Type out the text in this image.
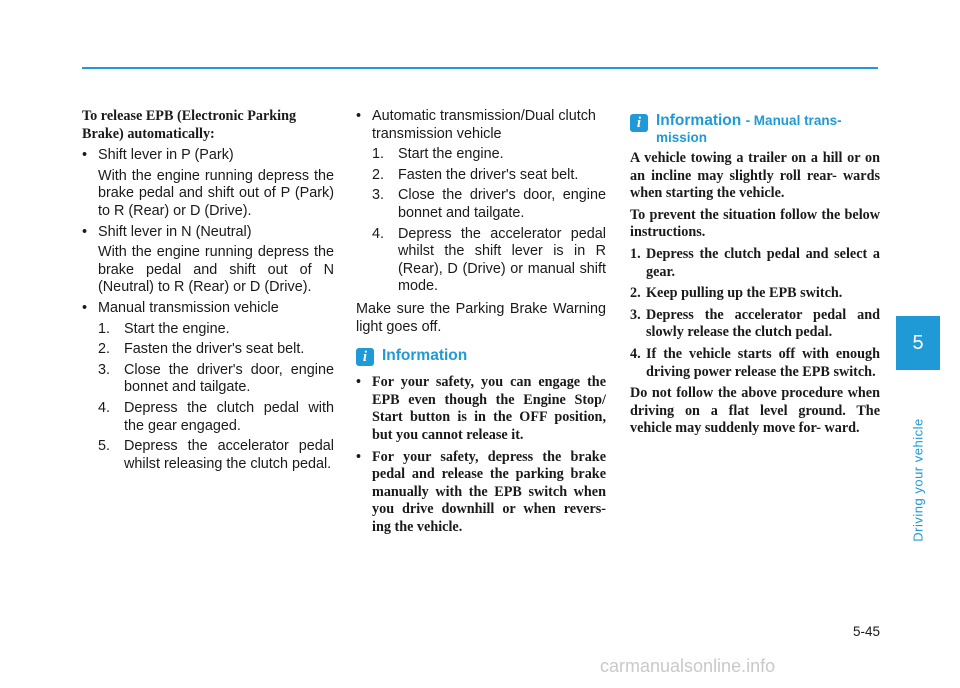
To release EPB (Electronic Parking Brake) automatically:
• Shift lever in P (Park)
With the engine running depress the brake pedal and shift out of P (Park) to R (Rear) or D (Drive).
• Shift lever in N (Neutral)
With the engine running depress the brake pedal and shift out of N (Neutral) to R (Rear) or D (Drive).
• Manual transmission vehicle
1. Start the engine.
2. Fasten the driver's seat belt.
3. Close the driver's door, engine bonnet and tailgate.
4. Depress the clutch pedal with the gear engaged.
5. Depress the accelerator pedal whilst releasing the clutch pedal.
• Automatic transmission/Dual clutch transmission vehicle
1. Start the engine.
2. Fasten the driver's seat belt.
3. Close the driver's door, engine bonnet and tailgate.
4. Depress the accelerator pedal whilst the shift lever is in R (Rear), D (Drive) or manual shift mode.
Make sure the Parking Brake Warning light goes off.
i Information
• For your safety, you can engage the EPB even though the Engine Stop/ Start button is in the OFF position, but you cannot release it.
• For your safety, depress the brake pedal and release the parking brake manually with the EPB switch when you drive downhill or when revers- ing the vehicle.
i Information - Manual trans- mission
A vehicle towing a trailer on a hill or on an incline may slightly roll rear- wards when starting the vehicle.
To prevent the situation follow the below instructions.
1. Depress the clutch pedal and select a gear.
2. Keep pulling up the EPB switch.
3. Depress the accelerator pedal and slowly release the clutch pedal.
4. If the vehicle starts off with enough driving power release the EPB switch.
Do not follow the above procedure when driving on a flat level ground. The vehicle may suddenly move for- ward.
5
Driving your vehicle
5-45
carmanualsonline.info
